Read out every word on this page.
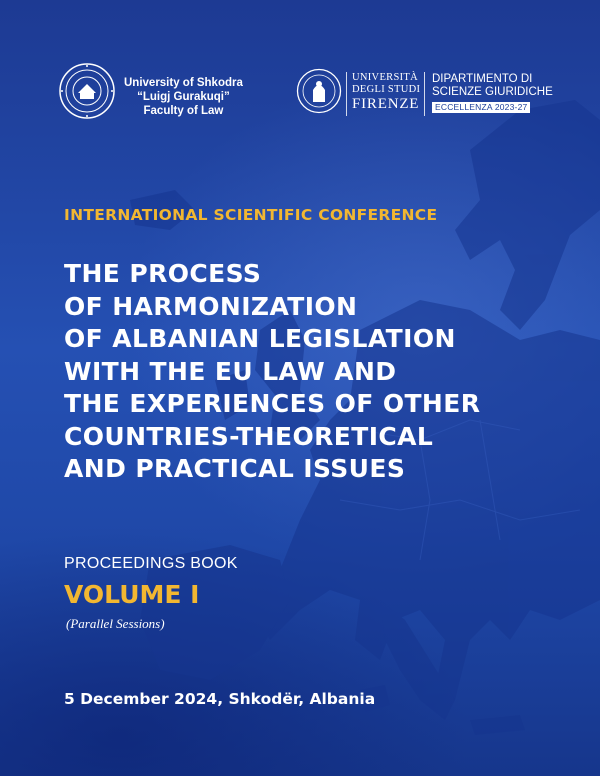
University of Shkodra
“Luigj Gurakuqi”
Faculty of Law
UNIVERSITÀ
DEGLI STUDI
FIRENZE
DIPARTIMENTO DI
SCIENZE GIURIDICHE
ECCELLENZA 2023-27
INTERNATIONAL SCIENTIFIC CONFERENCE
THE PROCESS
OF HARMONIZATION
OF ALBANIAN LEGISLATION
WITH THE EU LAW AND
THE EXPERIENCES OF OTHER
COUNTRIES-THEORETICAL
AND PRACTICAL ISSUES
PROCEEDINGS BOOK
VOLUME I
(Parallel Sessions)
5 December 2024, Shkodër, Albania
